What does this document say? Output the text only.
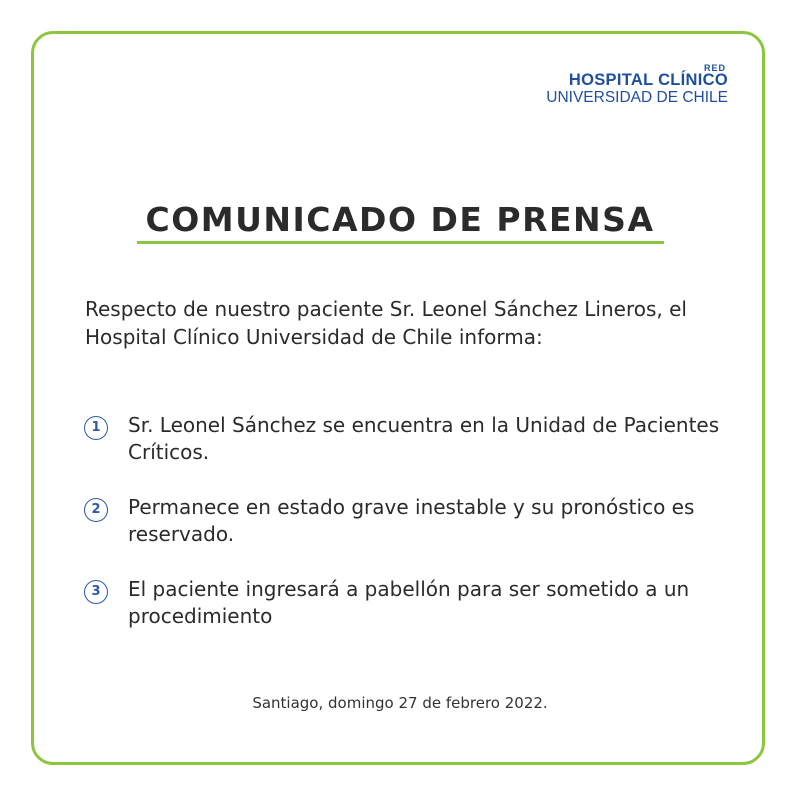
RED
HOSPITAL CLÍNICO
UNIVERSIDAD DE CHILE
COMUNICADO DE PRENSA
Respecto de nuestro paciente Sr. Leonel Sánchez Lineros, el Hospital Clínico Universidad de Chile informa:
1	Sr. Leonel Sánchez se encuentra en la Unidad de Pacientes Críticos.
2	Permanece en estado grave inestable y su pronóstico es reservado.
3	El paciente ingresará a pabellón para ser sometido a un procedimiento
Santiago, domingo 27 de febrero 2022.
